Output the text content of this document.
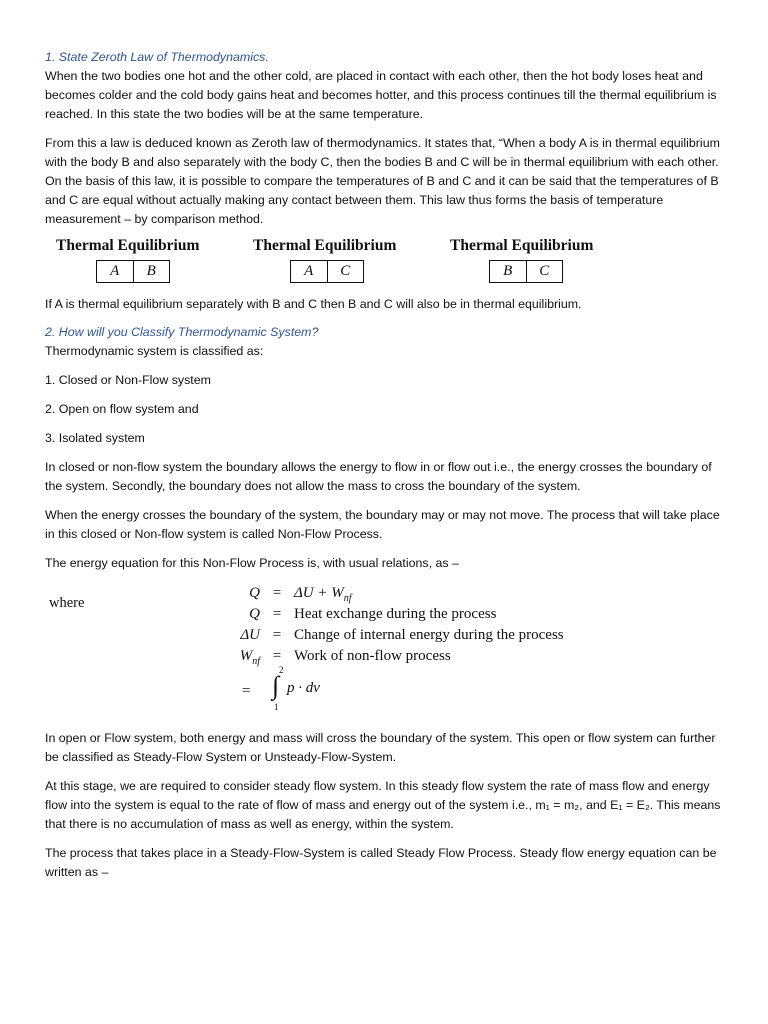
1. State Zeroth Law of Thermodynamics.

When the two bodies one hot and the other cold, are placed in contact with each other, then the hot body loses heat and becomes colder and the cold body gains heat and becomes hotter, and this process continues till the thermal equilibrium is reached. In this state the two bodies will be at the same temperature.

From this a law is deduced known as Zeroth law of thermodynamics. It states that, “When a body A is in thermal equilibrium with the body B and also separately with the body C, then the bodies B and C will be in thermal equilibrium with each other. On the basis of this law, it is possible to compare the temperatures of B and C and it can be said that the temperatures of B and C are equal without actually making any contact between them. This law thus forms the basis of temperature measurement – by comparison method.

Thermal Equilibrium
A	B
Thermal Equilibrium
A	C
Thermal Equilibrium
B	C

If A is thermal equilibrium separately with B and C then B and C will also be in thermal equilibrium.

2. How will you Classify Thermodynamic System?

Thermodynamic system is classified as:

1. Closed or Non-Flow system

2. Open on flow system and

3. Isolated system

In closed or non-flow system the boundary allows the energy to flow in or flow out i.e., the energy crosses the boundary of the system. Secondly, the boundary does not allow the mass to cross the boundary of the system.

When the energy crosses the boundary of the system, the boundary may or may not move. The process that will take place in this closed or Non-flow system is called Non-Flow Process.

The energy equation for this Non-Flow Process is, with usual relations, as –

where
$Q = \Delta U + W_{nf}$
Q = Heat exchange during the process
ΔU = Change of internal energy during the process
$W_{nf}$ = Work of non-flow process
=
2
∫
1
p · dv

In open or Flow system, both energy and mass will cross the boundary of the system. This open or flow system can further be classified as Steady-Flow System or Unsteady-Flow-System.

At this stage, we are required to consider steady flow system. In this steady flow system the rate of mass flow and energy flow into the system is equal to the rate of flow of mass and energy out of the system i.e., m₁ = m₂, and E₁ = E₂. This means that there is no accumulation of mass as well as energy, within the system.

The process that takes place in a Steady-Flow-System is called Steady Flow Process. Steady flow energy equation can be written as –
